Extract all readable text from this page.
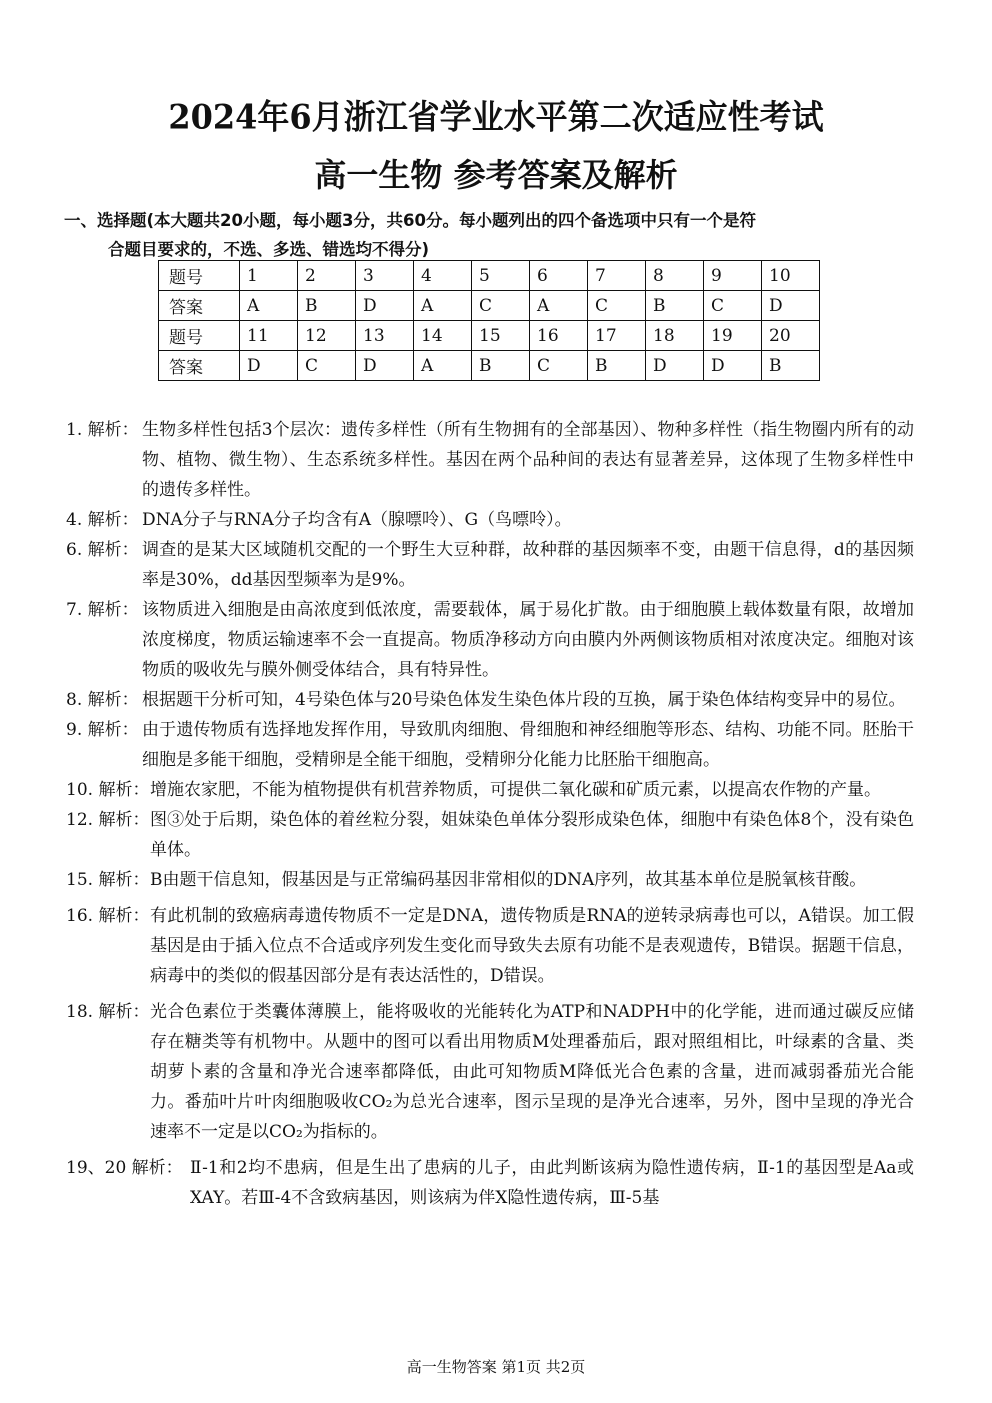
2024年6月浙江省学业水平第二次适应性考试
高一生物 参考答案及解析
一、选择题(本大题共20小题，每小题3分，共60分。每小题列出的四个备选项中只有一个是符
合题目要求的，不选、多选、错选均不得分)
题号	1	2	3	4	5	6	7	8	9	10
答案	A	B	D	A	C	A	C	B	C	D
题号	11	12	13	14	15	16	17	18	19	20
答案	D	C	D	A	B	C	B	D	D	B
1. 解析： 生物多样性包括3个层次：遗传多样性（所有生物拥有的全部基因）、物种多样性（指生物圈内所有的动物、植物、微生物）、生态系统多样性。基因在两个品种间的表达有显著差异，这体现了生物多样性中的遗传多样性。
4. 解析： DNA分子与RNA分子均含有A（腺嘌呤）、G（鸟嘌呤）。
6. 解析： 调查的是某大区域随机交配的一个野生大豆种群，故种群的基因频率不变，由题干信息得，d的基因频率是30%，dd基因型频率为是9%。
7. 解析： 该物质进入细胞是由高浓度到低浓度，需要载体，属于易化扩散。由于细胞膜上载体数量有限，故增加浓度梯度，物质运输速率不会一直提高。物质净移动方向由膜内外两侧该物质相对浓度决定。细胞对该物质的吸收先与膜外侧受体结合，具有特异性。
8. 解析： 根据题干分析可知，4号染色体与20号染色体发生染色体片段的互换，属于染色体结构变异中的易位。
9. 解析： 由于遗传物质有选择地发挥作用，导致肌肉细胞、骨细胞和神经细胞等形态、结构、功能不同。胚胎干细胞是多能干细胞，受精卵是全能干细胞，受精卵分化能力比胚胎干细胞高。
10. 解析： 增施农家肥，不能为植物提供有机营养物质，可提供二氧化碳和矿质元素，以提高农作物的产量。
12. 解析： 图③处于后期，染色体的着丝粒分裂，姐妹染色单体分裂形成染色体，细胞中有染色体8个，没有染色单体。
15. 解析： B由题干信息知，假基因是与正常编码基因非常相似的DNA序列，故其基本单位是脱氧核苷酸。
16. 解析： 有此机制的致癌病毒遗传物质不一定是DNA，遗传物质是RNA的逆转录病毒也可以，A错误。加工假基因是由于插入位点不合适或序列发生变化而导致失去原有功能不是表观遗传，B错误。据题干信息，病毒中的类似的假基因部分是有表达活性的，D错误。
18. 解析： 光合色素位于类囊体薄膜上，能将吸收的光能转化为ATP和NADPH中的化学能，进而通过碳反应储存在糖类等有机物中。从题中的图可以看出用物质M处理番茄后，跟对照组相比，叶绿素的含量、类胡萝卜素的含量和净光合速率都降低，由此可知物质M降低光合色素的含量，进而减弱番茄光合能力。番茄叶片叶肉细胞吸收CO₂为总光合速率，图示呈现的是净光合速率，另外，图中呈现的净光合速率不一定是以CO₂为指标的。
19、20 解析： Ⅱ-1和2均不患病，但是生出了患病的儿子，由此判断该病为隐性遗传病，Ⅱ-1的基因型是Aa或XAY。若Ⅲ-4不含致病基因，则该病为伴X隐性遗传病，Ⅲ-5基
高一生物答案 第1页 共2页
